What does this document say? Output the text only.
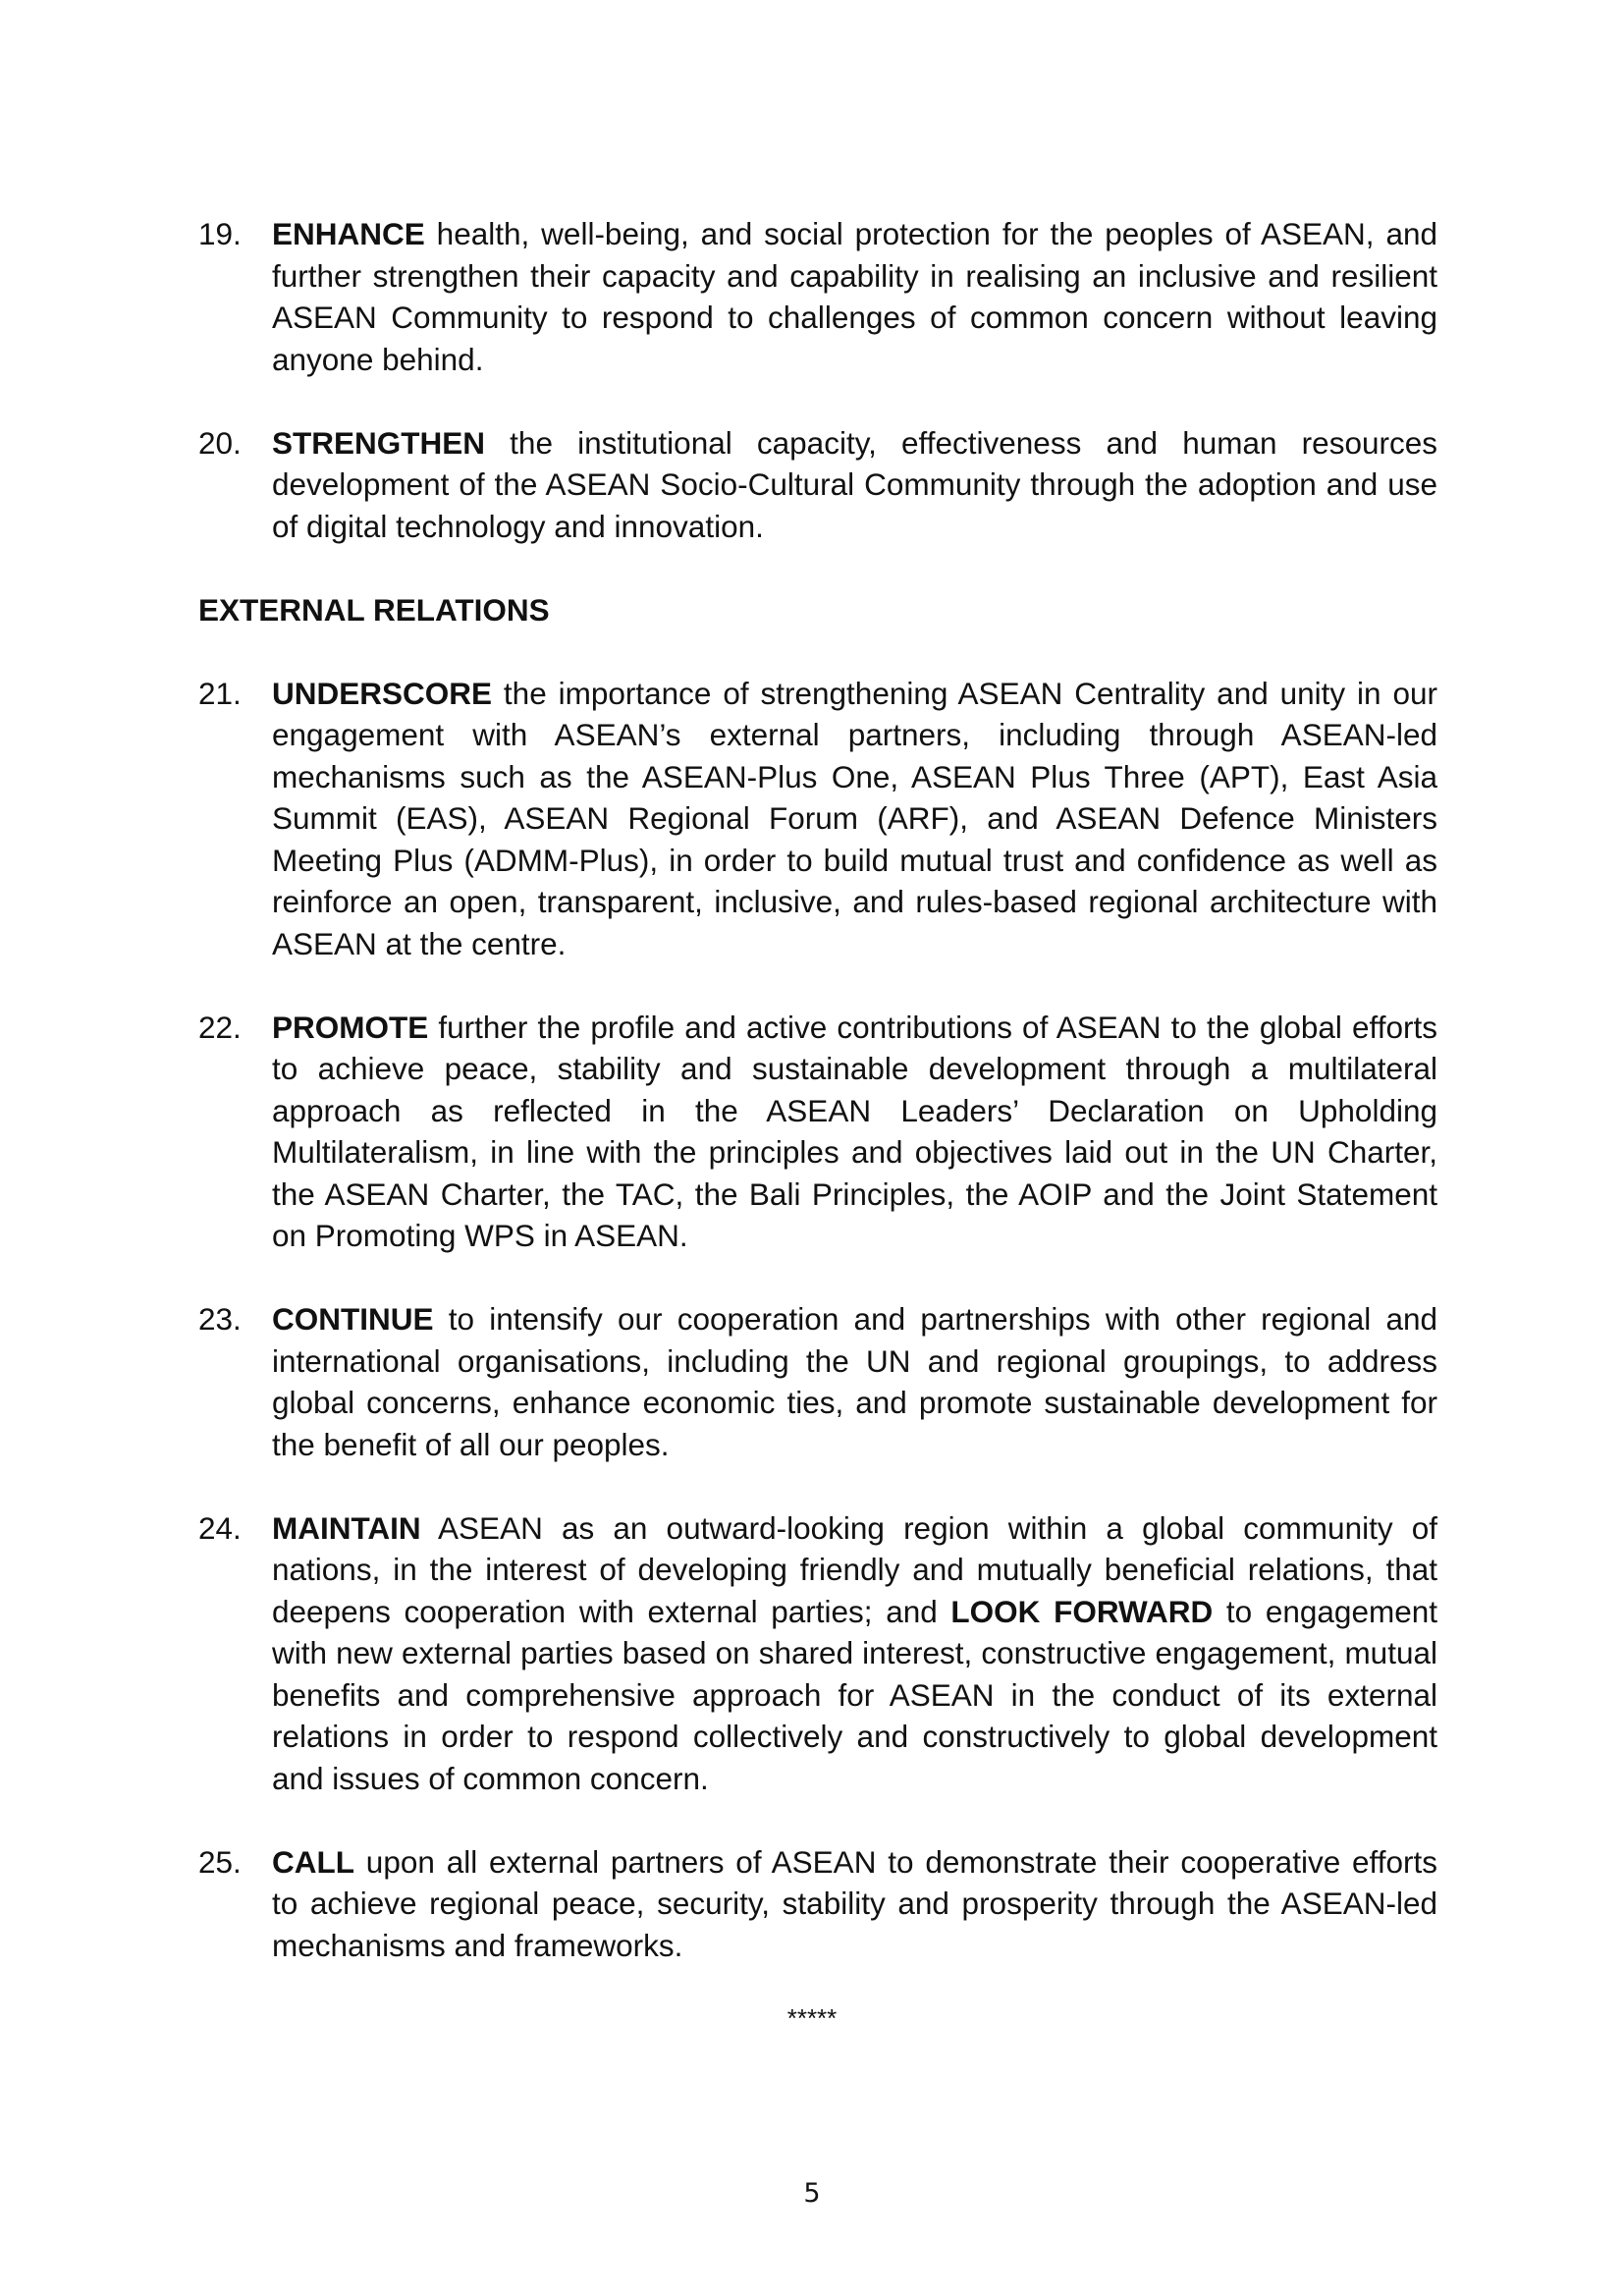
19. ENHANCE health, well-being, and social protection for the peoples of ASEAN, and further strengthen their capacity and capability in realising an inclusive and resilient ASEAN Community to respond to challenges of common concern without leaving anyone behind.
20. STRENGTHEN the institutional capacity, effectiveness and human resources development of the ASEAN Socio-Cultural Community through the adoption and use of digital technology and innovation.
EXTERNAL RELATIONS
21. UNDERSCORE the importance of strengthening ASEAN Centrality and unity in our engagement with ASEAN’s external partners, including through ASEAN-led mechanisms such as the ASEAN-Plus One, ASEAN Plus Three (APT), East Asia Summit (EAS), ASEAN Regional Forum (ARF), and ASEAN Defence Ministers Meeting Plus (ADMM-Plus), in order to build mutual trust and confidence as well as reinforce an open, transparent, inclusive, and rules-based regional architecture with ASEAN at the centre.
22. PROMOTE further the profile and active contributions of ASEAN to the global efforts to achieve peace, stability and sustainable development through a multilateral approach as reflected in the ASEAN Leaders’ Declaration on Upholding Multilateralism, in line with the principles and objectives laid out in the UN Charter, the ASEAN Charter, the TAC, the Bali Principles, the AOIP and the Joint Statement on Promoting WPS in ASEAN.
23. CONTINUE to intensify our cooperation and partnerships with other regional and international organisations, including the UN and regional groupings, to address global concerns, enhance economic ties, and promote sustainable development for the benefit of all our peoples.
24. MAINTAIN ASEAN as an outward-looking region within a global community of nations, in the interest of developing friendly and mutually beneficial relations, that deepens cooperation with external parties; and LOOK FORWARD to engagement with new external parties based on shared interest, constructive engagement, mutual benefits and comprehensive approach for ASEAN in the conduct of its external relations in order to respond collectively and constructively to global development and issues of common concern.
25. CALL upon all external partners of ASEAN to demonstrate their cooperative efforts to achieve regional peace, security, stability and prosperity through the ASEAN-led mechanisms and frameworks.
*****
5
